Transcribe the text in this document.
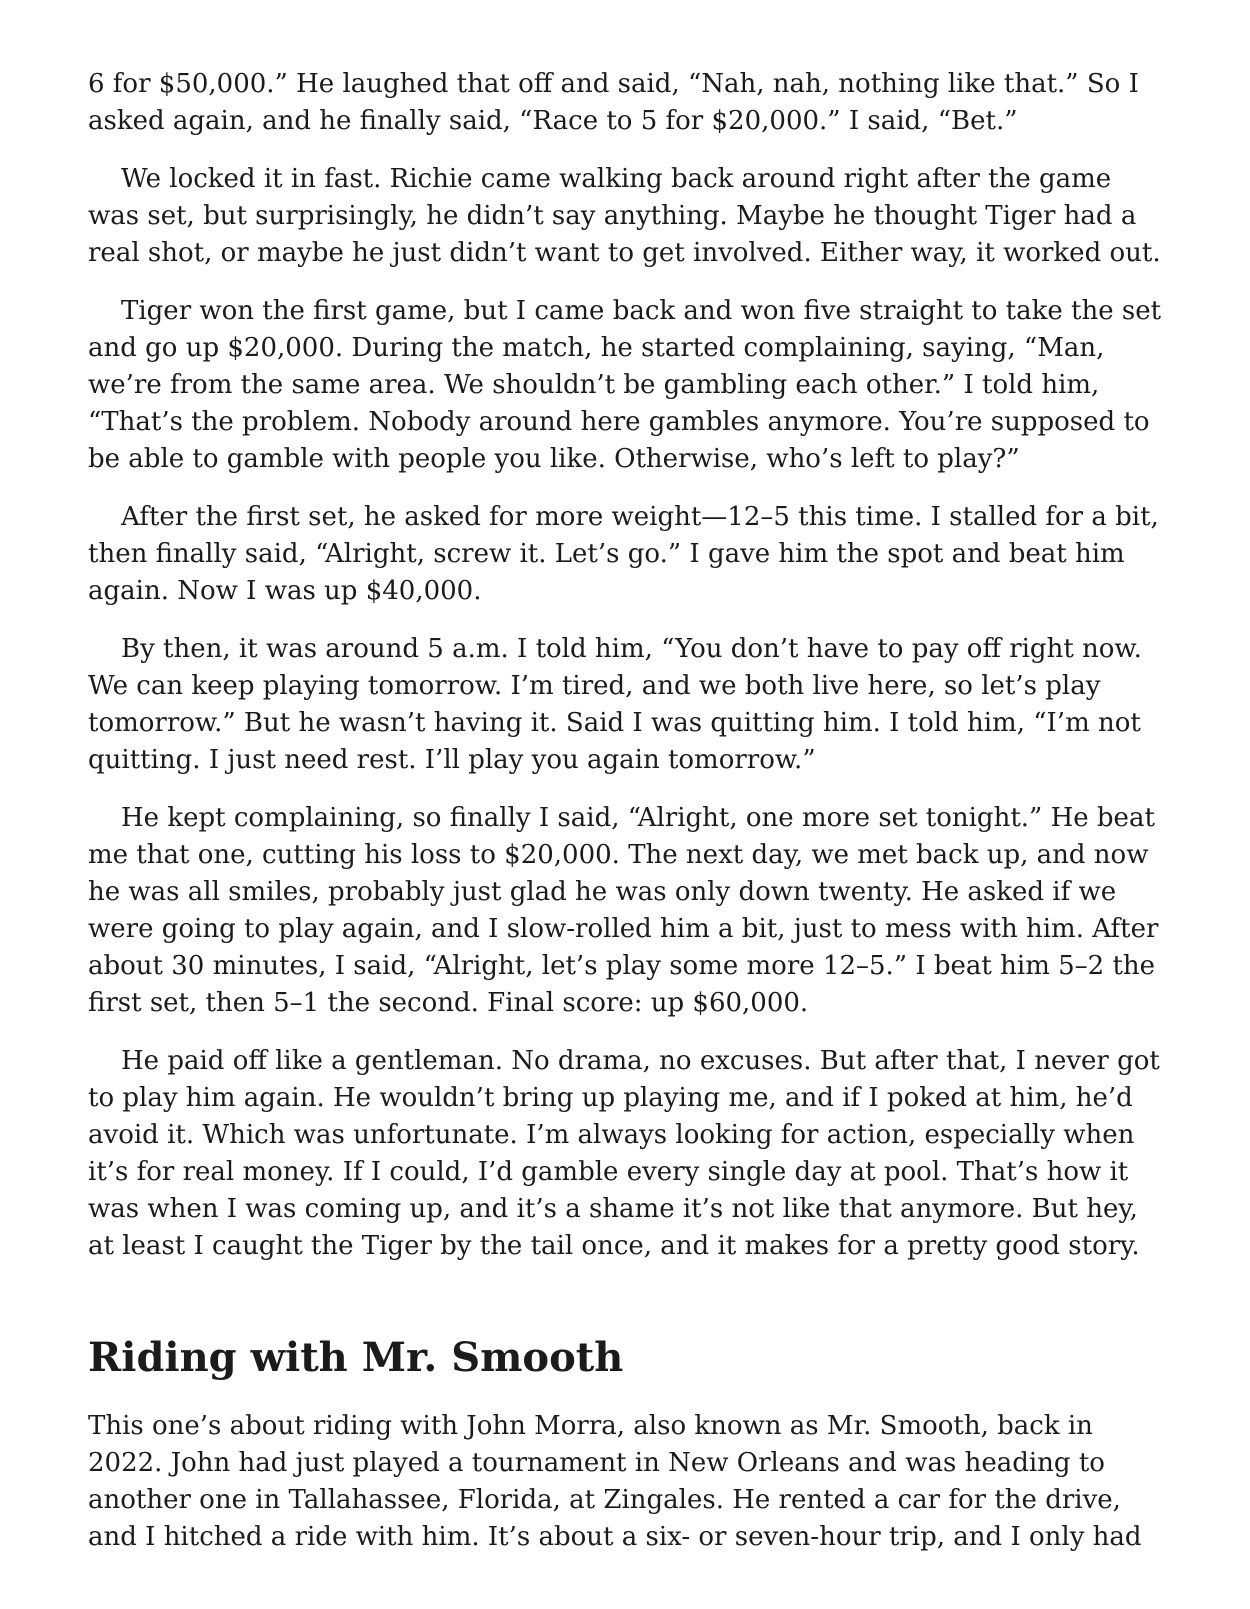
6 for $50,000.” He laughed that off and said, “Nah, nah, nothing like that.” So I asked again, and he finally said, “Race to 5 for $20,000.” I said, “Bet.”

We locked it in fast. Richie came walking back around right after the game was set, but surprisingly, he didn’t say anything. Maybe he thought Tiger had a real shot, or maybe he just didn’t want to get involved. Either way, it worked out.

Tiger won the first game, but I came back and won five straight to take the set and go up $20,000. During the match, he started complaining, saying, “Man, we’re from the same area. We shouldn’t be gambling each other.” I told him, “That’s the problem. Nobody around here gambles anymore. You’re supposed to be able to gamble with people you like. Otherwise, who’s left to play?”

After the first set, he asked for more weight—12–5 this time. I stalled for a bit, then finally said, “Alright, screw it. Let’s go.” I gave him the spot and beat him again. Now I was up $40,000.

By then, it was around 5 a.m. I told him, “You don’t have to pay off right now. We can keep playing tomorrow. I’m tired, and we both live here, so let’s play tomorrow.” But he wasn’t having it. Said I was quitting him. I told him, “I’m not quitting. I just need rest. I’ll play you again tomorrow.”

He kept complaining, so finally I said, “Alright, one more set tonight.” He beat me that one, cutting his loss to $20,000. The next day, we met back up, and now he was all smiles, probably just glad he was only down twenty. He asked if we were going to play again, and I slow-rolled him a bit, just to mess with him. After about 30 minutes, I said, “Alright, let’s play some more 12–5.” I beat him 5–2 the first set, then 5–1 the second. Final score: up $60,000.

He paid off like a gentleman. No drama, no excuses. But after that, I never got to play him again. He wouldn’t bring up playing me, and if I poked at him, he’d avoid it. Which was unfortunate. I’m always looking for action, especially when it’s for real money. If I could, I’d gamble every single day at pool. That’s how it was when I was coming up, and it’s a shame it’s not like that anymore. But hey, at least I caught the Tiger by the tail once, and it makes for a pretty good story.

Riding with Mr. Smooth

This one’s about riding with John Morra, also known as Mr. Smooth, back in 2022. John had just played a tournament in New Orleans and was heading to another one in Tallahassee, Florida, at Zingales. He rented a car for the drive, and I hitched a ride with him. It’s about a six- or seven-hour trip, and I only had
